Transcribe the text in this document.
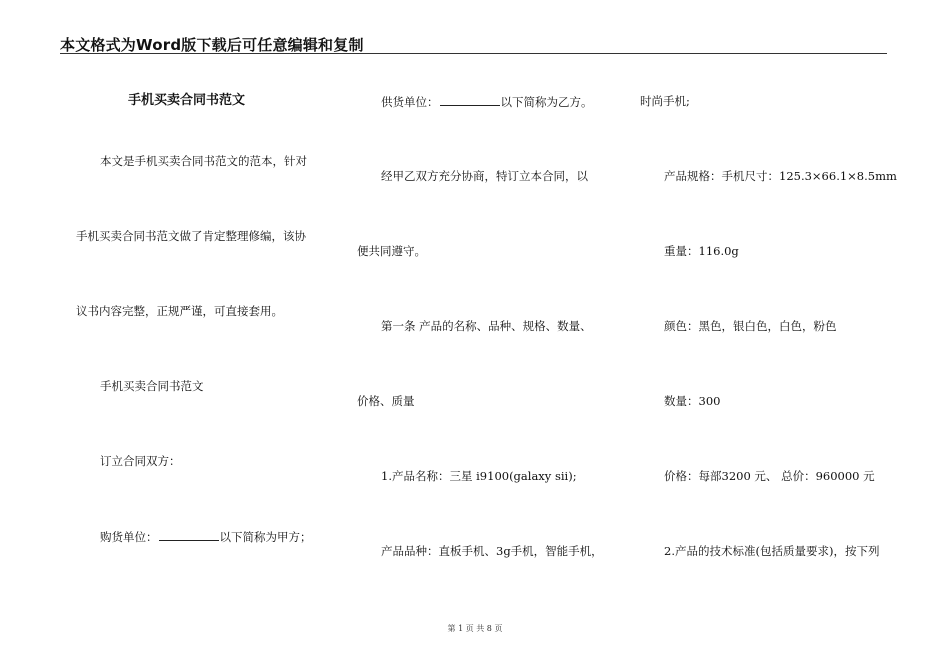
本文格式为Word版下载后可任意编辑和复制
手机买卖合同书范文
本文是手机买卖合同书范文的范本，针对
手机买卖合同书范文做了肯定整理修编，该协
议书内容完整，正规严谨，可直接套用。
手机买卖合同书范文
订立合同双方：
购货单位：	以下简称为甲方；
供货单位：	以下简称为乙方。
经甲乙双方充分协商，特订立本合同，以
便共同遵守。
第一条 产品的名称、品种、规格、数量、
价格、质量
1.产品名称：三星 i9100(galaxy sii);
产品品种：直板手机、3g手机，智能手机，
时尚手机;
产品规格：手机尺寸：125.3×66.1×8.5mm
重量：116.0g
颜色：黑色，银白色，白色，粉色
数量：300
价格：每部3200 元、 总价：960000 元
2.产品的技术标准(包括质量要求)，按下列
第 1 页 共 8 页
